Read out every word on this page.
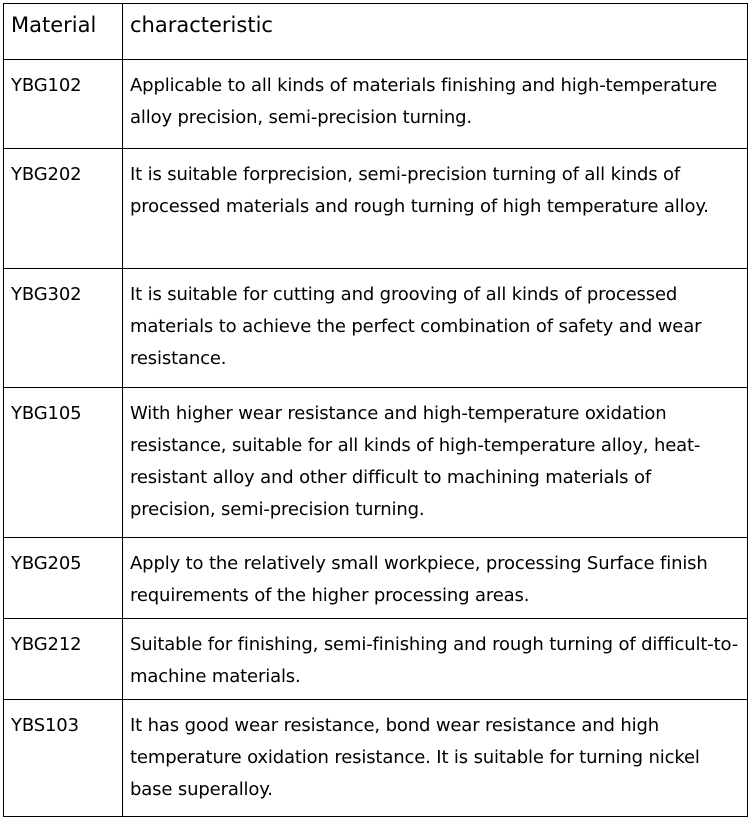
Material	characteristic
YBG102	Applicable to all kinds of materials finishing and high-temperature alloy precision, semi-precision turning.
YBG202	It is suitable forprecision, semi-precision turning of all kinds of processed materials and rough turning of high temperature alloy.
YBG302	It is suitable for cutting and grooving of all kinds of processed materials to achieve the perfect combination of safety and wear resistance.
YBG105	With higher wear resistance and high-temperature oxidation resistance, suitable for all kinds of high-temperature alloy, heat-resistant alloy and other difficult to machining materials of precision, semi-precision turning.
YBG205	Apply to the relatively small workpiece, processing Surface finish requirements of the higher processing areas.
YBG212	Suitable for finishing, semi-finishing and rough turning of difficult-to-machine materials.
YBS103	It has good wear resistance, bond wear resistance and high temperature oxidation resistance. It is suitable for turning nickel base superalloy.
